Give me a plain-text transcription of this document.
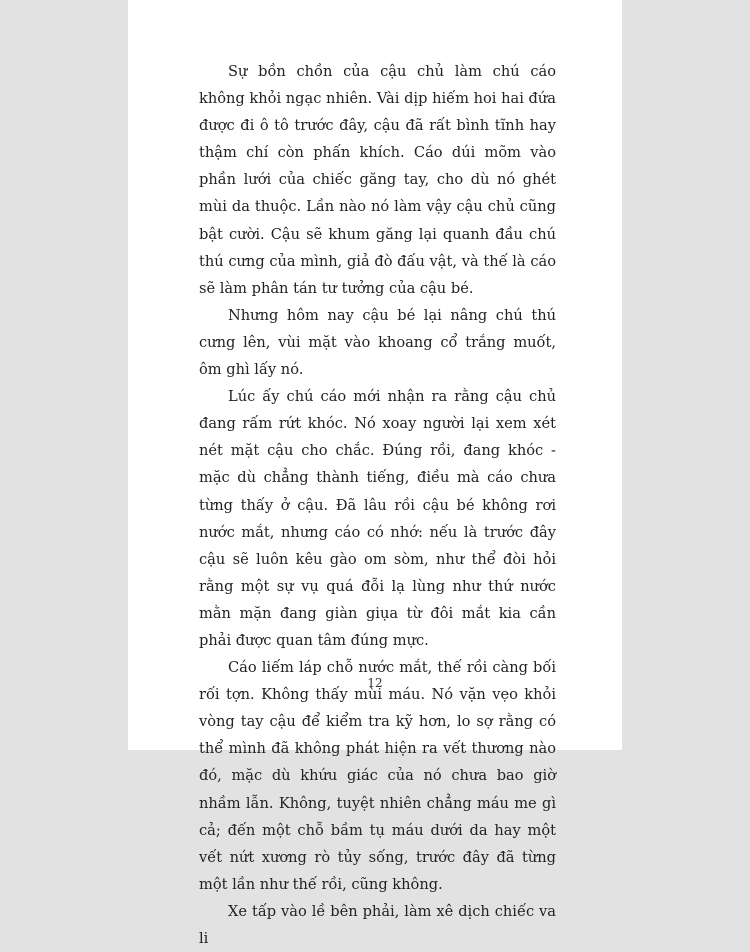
Sự bồn chồn của cậu chủ làm chú cáo không khỏi ngạc nhiên. Vài dịp hiếm hoi hai đứa được đi ô tô trước đây, cậu đã rất bình tĩnh hay thậm chí còn phấn khích. Cáo dúi mõm vào phần lưới của chiếc găng tay, cho dù nó ghét mùi da thuộc. Lần nào nó làm vậy cậu chủ cũng bật cười. Cậu sẽ khum găng lại quanh đầu chú thú cưng của mình, giả đò đấu vật, và thế là cáo sẽ làm phân tán tư tưởng của cậu bé.

Nhưng hôm nay cậu bé lại nâng chú thú cưng lên, vùi mặt vào khoang cổ trắng muốt, ôm ghì lấy nó.

Lúc ấy chú cáo mới nhận ra rằng cậu chủ đang rấm rứt khóc. Nó xoay người lại xem xét nét mặt cậu cho chắc. Đúng rồi, đang khóc - mặc dù chẳng thành tiếng, điều mà cáo chưa từng thấy ở cậu. Đã lâu rồi cậu bé không rơi nước mắt, nhưng cáo có nhớ: nếu là trước đây cậu sẽ luôn kêu gào om sòm, như thể đòi hỏi rằng một sự vụ quá đỗi lạ lùng như thứ nước mằn mặn đang giàn giụa từ đôi mắt kia cần phải được quan tâm đúng mực.

Cáo liếm láp chỗ nước mắt, thế rồi càng bối rối tợn. Không thấy mùi máu. Nó vặn vẹo khỏi vòng tay cậu để kiểm tra kỹ hơn, lo sợ rằng có thể mình đã không phát hiện ra vết thương nào đó, mặc dù khứu giác của nó chưa bao giờ nhầm lẫn. Không, tuyệt nhiên chẳng máu me gì cả; đến một chỗ bầm tụ máu dưới da hay một vết nứt xương rò tủy sống, trước đây đã từng một lần như thế rồi, cũng không.

Xe tấp vào lề bên phải, làm xê dịch chiếc va li

12
